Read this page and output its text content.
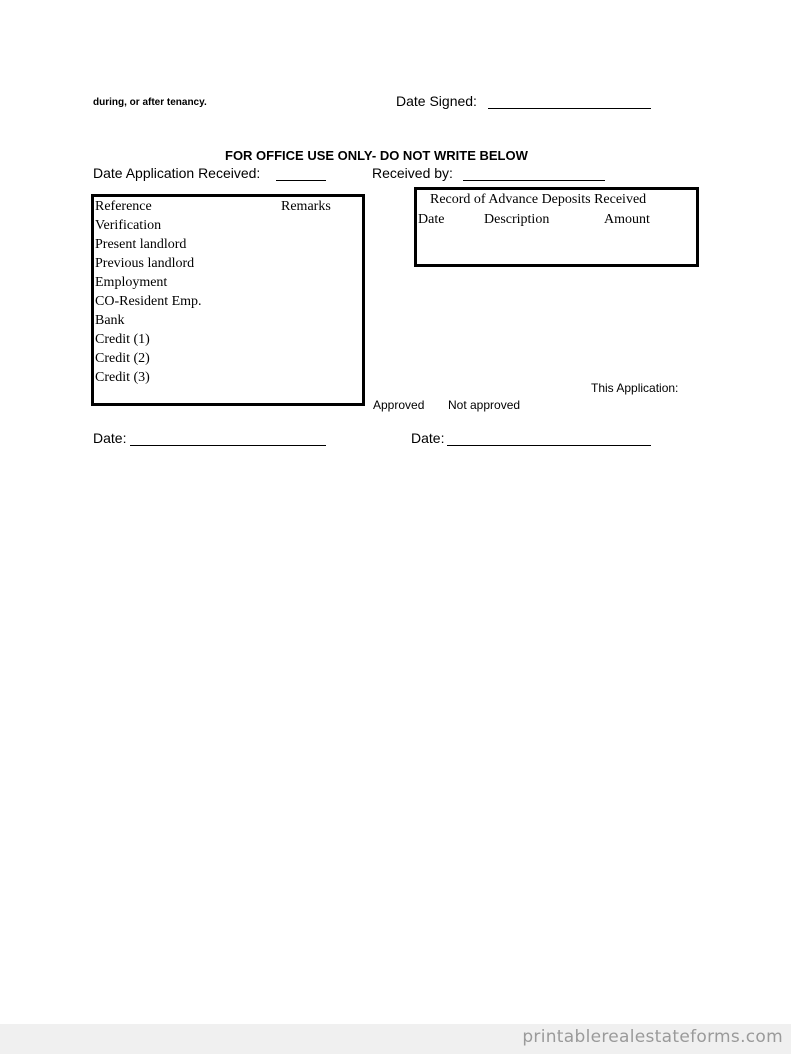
during, or after tenancy.	Date Signed:
FOR OFFICE USE ONLY- DO NOT WRITE BELOW
Date Application Received:	Received by:
Reference	Remarks
Verification
Present landlord
Previous landlord
Employment
CO-Resident Emp.
Bank
Credit (1)
Credit (2)
Credit (3)
Record of Advance Deposits Received
Date	Description	Amount
This Application:
Approved Not approved
Date:	Date:
printablerealestateforms.com
